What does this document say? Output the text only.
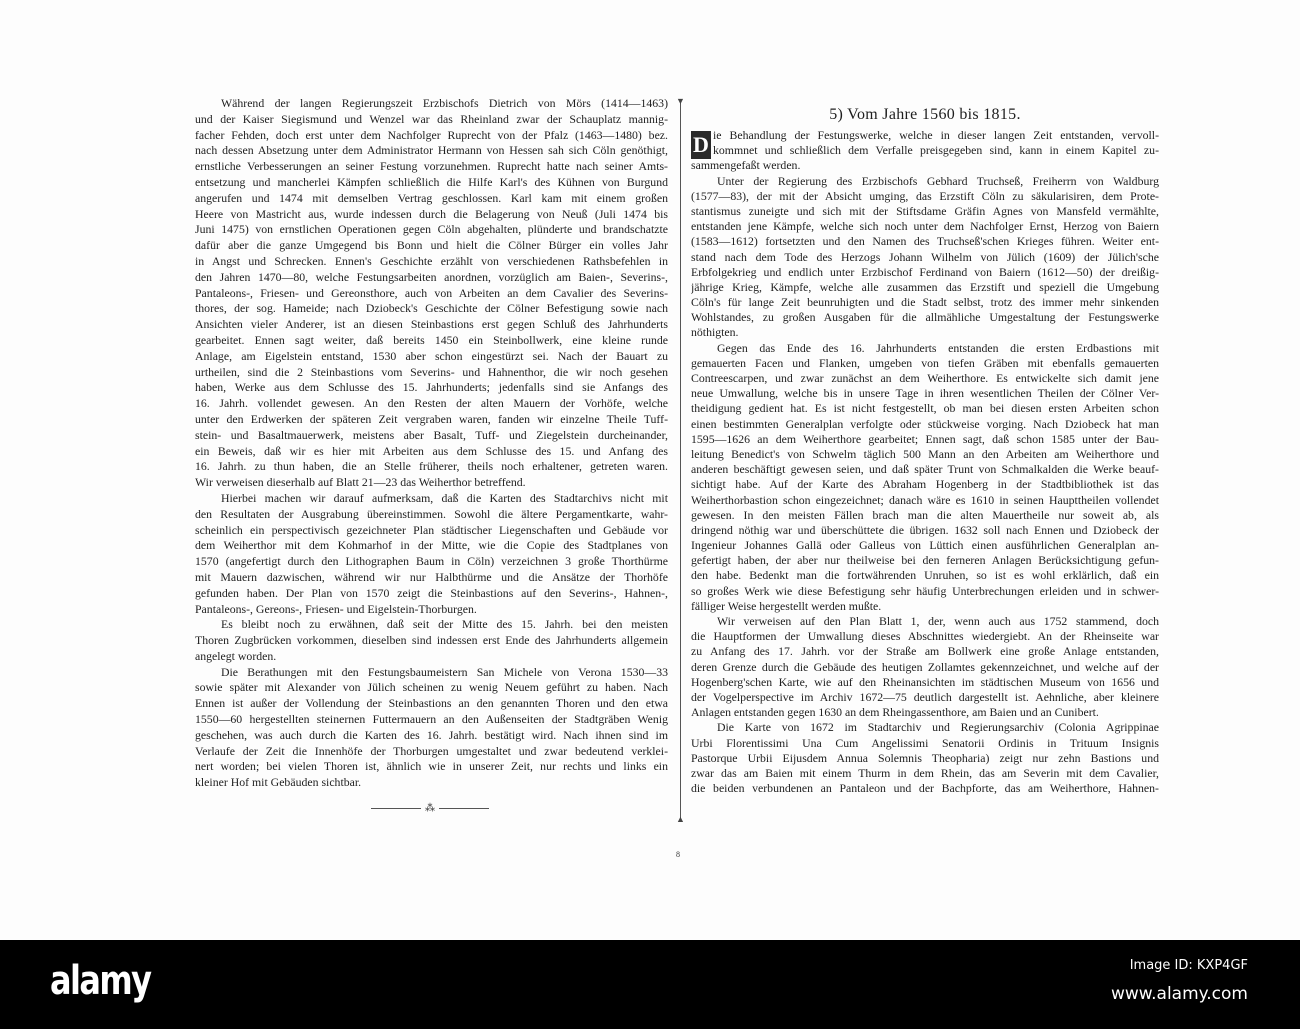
Während der langen Regierungszeit Erzbischofs Dietrich von Mörs (1414—1463)
und der Kaiser Siegismund und Wenzel war das Rheinland zwar der Schauplatz mannig-
facher Fehden, doch erst unter dem Nachfolger Ruprecht von der Pfalz (1463—1480) bez.
nach dessen Absetzung unter dem Administrator Hermann von Hessen sah sich Cöln genöthigt,
ernstliche Verbesserungen an seiner Festung vorzunehmen. Ruprecht hatte nach seiner Amts-
entsetzung und mancherlei Kämpfen schließlich die Hilfe Karl's des Kühnen von Burgund
angerufen und 1474 mit demselben Vertrag geschlossen. Karl kam mit einem großen
Heere von Mastricht aus, wurde indessen durch die Belagerung von Neuß (Juli 1474 bis
Juni 1475) von ernstlichen Operationen gegen Cöln abgehalten, plünderte und brandschatzte
dafür aber die ganze Umgegend bis Bonn und hielt die Cölner Bürger ein volles Jahr
in Angst und Schrecken. Ennen's Geschichte erzählt von verschiedenen Rathsbefehlen in
den Jahren 1470—80, welche Festungsarbeiten anordnen, vorzüglich am Baien-, Severins-,
Pantaleons-, Friesen- und Gereonsthore, auch von Arbeiten an dem Cavalier des Severins-
thores, der sog. Hameide; nach Dziobeck's Geschichte der Cölner Befestigung sowie nach
Ansichten vieler Anderer, ist an diesen Steinbastions erst gegen Schluß des Jahrhunderts
gearbeitet. Ennen sagt weiter, daß bereits 1450 ein Steinbollwerk, eine kleine runde
Anlage, am Eigelstein entstand, 1530 aber schon eingestürzt sei. Nach der Bauart zu
urtheilen, sind die 2 Steinbastions vom Severins- und Hahnenthor, die wir noch gesehen
haben, Werke aus dem Schlusse des 15. Jahrhunderts; jedenfalls sind sie Anfangs des
16. Jahrh. vollendet gewesen. An den Resten der alten Mauern der Vorhöfe, welche
unter den Erdwerken der späteren Zeit vergraben waren, fanden wir einzelne Theile Tuff-
stein- und Basaltmauerwerk, meistens aber Basalt, Tuff- und Ziegelstein durcheinander,
ein Beweis, daß wir es hier mit Arbeiten aus dem Schlusse des 15. und Anfang des
16. Jahrh. zu thun haben, die an Stelle früherer, theils noch erhaltener, getreten waren.
Wir verweisen dieserhalb auf Blatt 21—23 das Weiherthor betreffend.
Hierbei machen wir darauf aufmerksam, daß die Karten des Stadtarchivs nicht mit
den Resultaten der Ausgrabung übereinstimmen. Sowohl die ältere Pergamentkarte, wahr-
scheinlich ein perspectivisch gezeichneter Plan städtischer Liegenschaften und Gebäude vor
dem Weiherthor mit dem Kohmarhof in der Mitte, wie die Copie des Stadtplanes von
1570 (angefertigt durch den Lithographen Baum in Cöln) verzeichnen 3 große Thorthürme
mit Mauern dazwischen, während wir nur Halbthürme und die Ansätze der Thorhöfe
gefunden haben. Der Plan von 1570 zeigt die Steinbastions auf den Severins-, Hahnen-,
Pantaleons-, Gereons-, Friesen- und Eigelstein-Thorburgen.
Es bleibt noch zu erwähnen, daß seit der Mitte des 15. Jahrh. bei den meisten
Thoren Zugbrücken vorkommen, dieselben sind indessen erst Ende des Jahrhunderts allgemein
angelegt worden.
Die Berathungen mit den Festungsbaumeistern San Michele von Verona 1530—33
sowie später mit Alexander von Jülich scheinen zu wenig Neuem geführt zu haben. Nach
Ennen ist außer der Vollendung der Steinbastions an den genannten Thoren und den etwa
1550—60 hergestellten steinernen Futtermauern an den Außenseiten der Stadtgräben Wenig
geschehen, was auch durch die Karten des 16. Jahrh. bestätigt wird. Nach ihnen sind im
Verlaufe der Zeit die Innenhöfe der Thorburgen umgestaltet und zwar bedeutend verklei-
nert worden; bei vielen Thoren ist, ähnlich wie in unserer Zeit, nur rechts und links ein
kleiner Hof mit Gebäuden sichtbar.
⁂
▼
▲
5) Vom Jahre 1560 bis 1815.
D ie Behandlung der Festungswerke, welche in dieser langen Zeit entstanden, vervoll-
kommnet und schließlich dem Verfalle preisgegeben sind, kann in einem Kapitel zu-
sammengefaßt werden.
Unter der Regierung des Erzbischofs Gebhard Truchseß, Freiherrn von Waldburg
(1577—83), der mit der Absicht umging, das Erzstift Cöln zu säkularisiren, dem Prote-
stantismus zuneigte und sich mit der Stiftsdame Gräfin Agnes von Mansfeld vermählte,
entstanden jene Kämpfe, welche sich noch unter dem Nachfolger Ernst, Herzog von Baiern
(1583—1612) fortsetzten und den Namen des Truchseß'schen Krieges führen. Weiter ent-
stand nach dem Tode des Herzogs Johann Wilhelm von Jülich (1609) der Jülich'sche
Erbfolgekrieg und endlich unter Erzbischof Ferdinand von Baiern (1612—50) der dreißig-
jährige Krieg, Kämpfe, welche alle zusammen das Erzstift und speziell die Umgebung
Cöln's für lange Zeit beunruhigten und die Stadt selbst, trotz des immer mehr sinkenden
Wohlstandes, zu großen Ausgaben für die allmähliche Umgestaltung der Festungswerke
nöthigten.
Gegen das Ende des 16. Jahrhunderts entstanden die ersten Erdbastions mit
gemauerten Facen und Flanken, umgeben von tiefen Gräben mit ebenfalls gemauerten
Contreescarpen, und zwar zunächst an dem Weiherthore. Es entwickelte sich damit jene
neue Umwallung, welche bis in unsere Tage in ihren wesentlichen Theilen der Cölner Ver-
theidigung gedient hat. Es ist nicht festgestellt, ob man bei diesen ersten Arbeiten schon
einen bestimmten Generalplan verfolgte oder stückweise vorging. Nach Dziobeck hat man
1595—1626 an dem Weiherthore gearbeitet; Ennen sagt, daß schon 1585 unter der Bau-
leitung Benedict's von Schwelm täglich 500 Mann an den Arbeiten am Weiherthore und
anderen beschäftigt gewesen seien, und daß später Trunt von Schmalkalden die Werke beauf-
sichtigt habe. Auf der Karte des Abraham Hogenberg in der Stadtbibliothek ist das
Weiherthorbastion schon eingezeichnet; danach wäre es 1610 in seinen Haupttheilen vollendet
gewesen. In den meisten Fällen brach man die alten Mauertheile nur soweit ab, als
dringend nöthig war und überschüttete die übrigen. 1632 soll nach Ennen und Dziobeck der
Ingenieur Johannes Gallä oder Galleus von Lüttich einen ausführlichen Generalplan an-
gefertigt haben, der aber nur theilweise bei den ferneren Anlagen Berücksichtigung gefun-
den habe. Bedenkt man die fortwährenden Unruhen, so ist es wohl erklärlich, daß ein
so großes Werk wie diese Befestigung sehr häufig Unterbrechungen erleiden und in schwer-
fälliger Weise hergestellt werden mußte.
Wir verweisen auf den Plan Blatt 1, der, wenn auch aus 1752 stammend, doch
die Hauptformen der Umwallung dieses Abschnittes wiedergiebt. An der Rheinseite war
zu Anfang des 17. Jahrh. vor der Straße am Bollwerk eine große Anlage entstanden,
deren Grenze durch die Gebäude des heutigen Zollamtes gekennzeichnet, und welche auf der
Hogenberg'schen Karte, wie auf den Rheinansichten im städtischen Museum von 1656 und
der Vogelperspective im Archiv 1672—75 deutlich dargestellt ist. Aehnliche, aber kleinere
Anlagen entstanden gegen 1630 an dem Rheingassenthore, am Baien und an Cunibert.
Die Karte von 1672 im Stadtarchiv und Regierungsarchiv (Colonia Agrippinae
Urbi Florentissimi Una Cum Angelissimi Senatorii Ordinis in Trituum Insignis
Pastorque Urbii Eijusdem Annua Solemnis Theopharia) zeigt nur zehn Bastions und
zwar das am Baien mit einem Thurm in dem Rhein, das am Severin mit dem Cavalier,
die beiden verbundenen an Pantaleon und der Bachpforte, das am Weiherthore, Hahnen-
8
alamy	Image ID: KXP4GF
www.alamy.com
